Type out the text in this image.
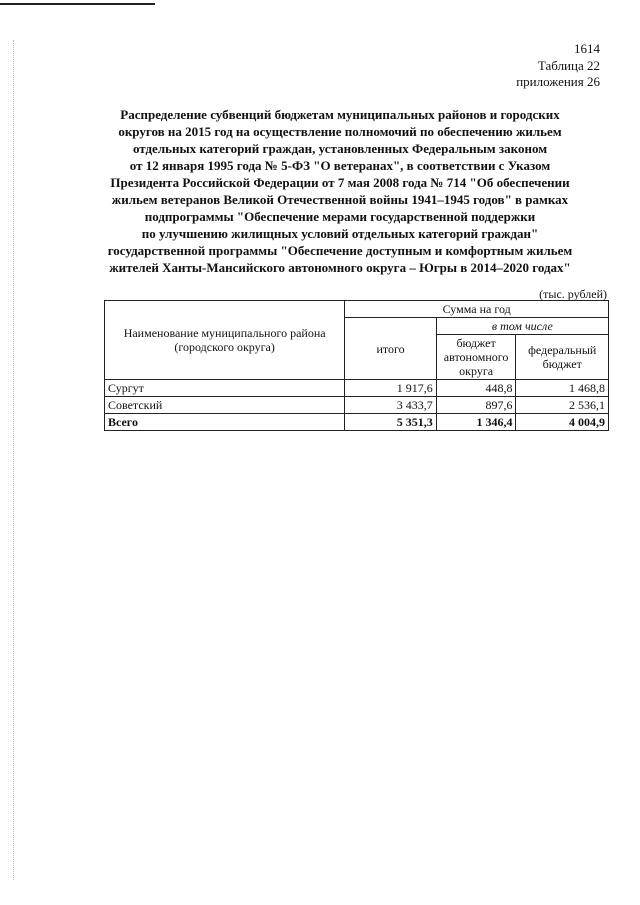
1614
Таблица 22
приложения 26
Распределение субвенций бюджетам муниципальных районов и городских
округов на 2015 год на осуществление полномочий по обеспечению жильем
отдельных категорий граждан, установленных Федеральным законом
от 12 января 1995 года № 5-ФЗ "О ветеранах", в соответствии с Указом
Президента Российской Федерации от 7 мая 2008 года № 714 "Об обеспечении
жильем ветеранов Великой Отечественной войны 1941–1945 годов" в рамках
подпрограммы "Обеспечение мерами государственной поддержки
по улучшению жилищных условий отдельных категорий граждан"
государственной программы "Обеспечение доступным и комфортным жильем
жителей Ханты-Мансийского автономного округа – Югры в 2014–2020 годах"
(тыс. рублей)
Наименование муниципального района (городского округа)	Сумма на год		
	итого	в том числе	
		бюджет автономного округа	федеральный бюджет
Сургут	1 917,6	448,8	1 468,8
Советский	3 433,7	897,6	2 536,1
Всего	5 351,3	1 346,4	4 004,9
